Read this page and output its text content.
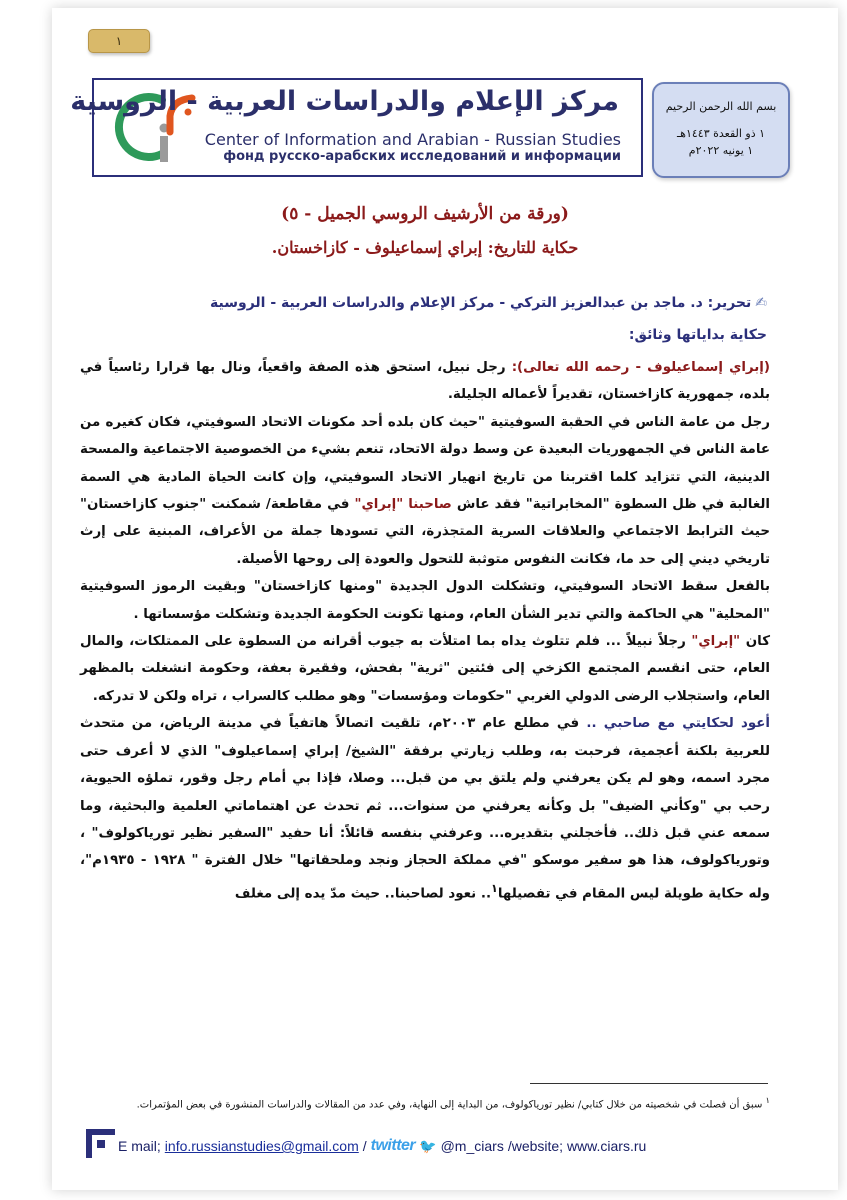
١
مركز الإعلام والدراسات العربية - الروسية
Center of Information and Arabian - Russian Studies
фонд русско-арабских исследований и информации
بسم الله الرحمن الرحيم
١ ذو القعدة ١٤٤٣هـ
١ يونيه ٢٠٢٢م
(ورقة من الأرشيف الروسي الجميل - ٥)
حكاية للتاريخ: إبراي إسماعيلوف - كازاخستان.
✍تحرير: د. ماجد بن عبدالعزيز التركي - مركز الإعلام والدراسات العربية - الروسية
حكاية بداياتها وثائق:

(إبراي إسماعيلوف - رحمه الله تعالى): رجل نبيل، استحق هذه الصفة واقعياً، ونال بها قرارا رئاسياً في بلده، جمهورية كازاخستان، تقديراً لأعماله الجليلة.

رجل من عامة الناس في الحقبة السوفيتية "حيث كان بلده أحد مكونات الاتحاد السوفيتي، فكان كغيره من عامة الناس في الجمهوريات البعيدة عن وسط دولة الاتحاد، تنعم بشيء من الخصوصية الاجتماعية والمسحة الدينية، التي تتزايد كلما اقتربنا من تاريخ انهيار الاتحاد السوفيتي، وإن كانت الحياة المادية هي السمة الغالبة في ظل السطوة "المخابراتية" فقد عاش صاحبنا "إبراي" في مقاطعة/ شمكنت "جنوب كازاخستان" حيث الترابط الاجتماعي والعلاقات السرية المتجذرة، التي تسودها جملة من الأعراف، المبنية على إرث تاريخي ديني إلى حد ما، فكانت النفوس متوثبة للتحول والعودة إلى روحها الأصيلة.

بالفعل سقط الاتحاد السوفيتي، وتشكلت الدول الجديدة "ومنها كازاخستان" وبقيت الرموز السوفيتية "المحلية" هي الحاكمة والتي تدير الشأن العام، ومنها تكونت الحكومة الجديدة وتشكلت مؤسساتها .

كان "إبراي" رجلاً نبيلاً ... فلم تتلوث يداه بما امتلأت به جيوب أقرانه من السطوة على الممتلكات، والمال العام، حتى انقسم المجتمع الكزخي إلى فئتين "ثرية" بفحش، وفقيرة بعفة، وحكومة انشغلت بالمظهر العام، واستجلاب الرضى الدولي الغربي "حكومات ومؤسسات" وهو مطلب كالسراب ، تراه ولكن لا تدركه.

أعود لحكايتي مع صاحبي .. في مطلع عام ٢٠٠٣م، تلقيت اتصالاً هاتفياً في مدينة الرياض، من متحدث للعربية بلكنة أعجمية، فرحبت به، وطلب زيارتي برفقة "الشيخ/ إبراي إسماعيلوف" الذي لا أعرف حتى مجرد اسمه، وهو لم يكن يعرفني ولم يلتق بي من قبل... وصلا، فإذا بي أمام رجل وقور، تملؤه الحيوية، رحب بي "وكأني الضيف" بل وكأنه يعرفني من سنوات... ثم تحدث عن اهتماماتي العلمية والبحثية، وما سمعه عني قبل ذلك.. فأخجلني بتقديره... وعرفني بنفسه قائلاً: أنا حفيد "السفير نظير تورياكولوف" ، وتورياكولوف، هذا هو سفير موسكو "في مملكة الحجاز ونجد وملحقاتها" خلال الفترة " ١٩٢٨ - ١٩٣٥م"، وله حكاية طويلة ليس المقام في تفصيلها$^١$.. نعود لصاحبنا.. حيث مدّ يده إلى مغلف

$^١$ سبق أن فصلت في شخصيته من خلال كتابي/ نظير تورياكولوف، من البداية إلى النهاية، وفي عدد من المقالات والدراسات المنشورة في بعض المؤتمرات.
E mail; info.russianstudies@gmail.com / twitter 🐦 @m_ciars /website; www.ciars.ru
